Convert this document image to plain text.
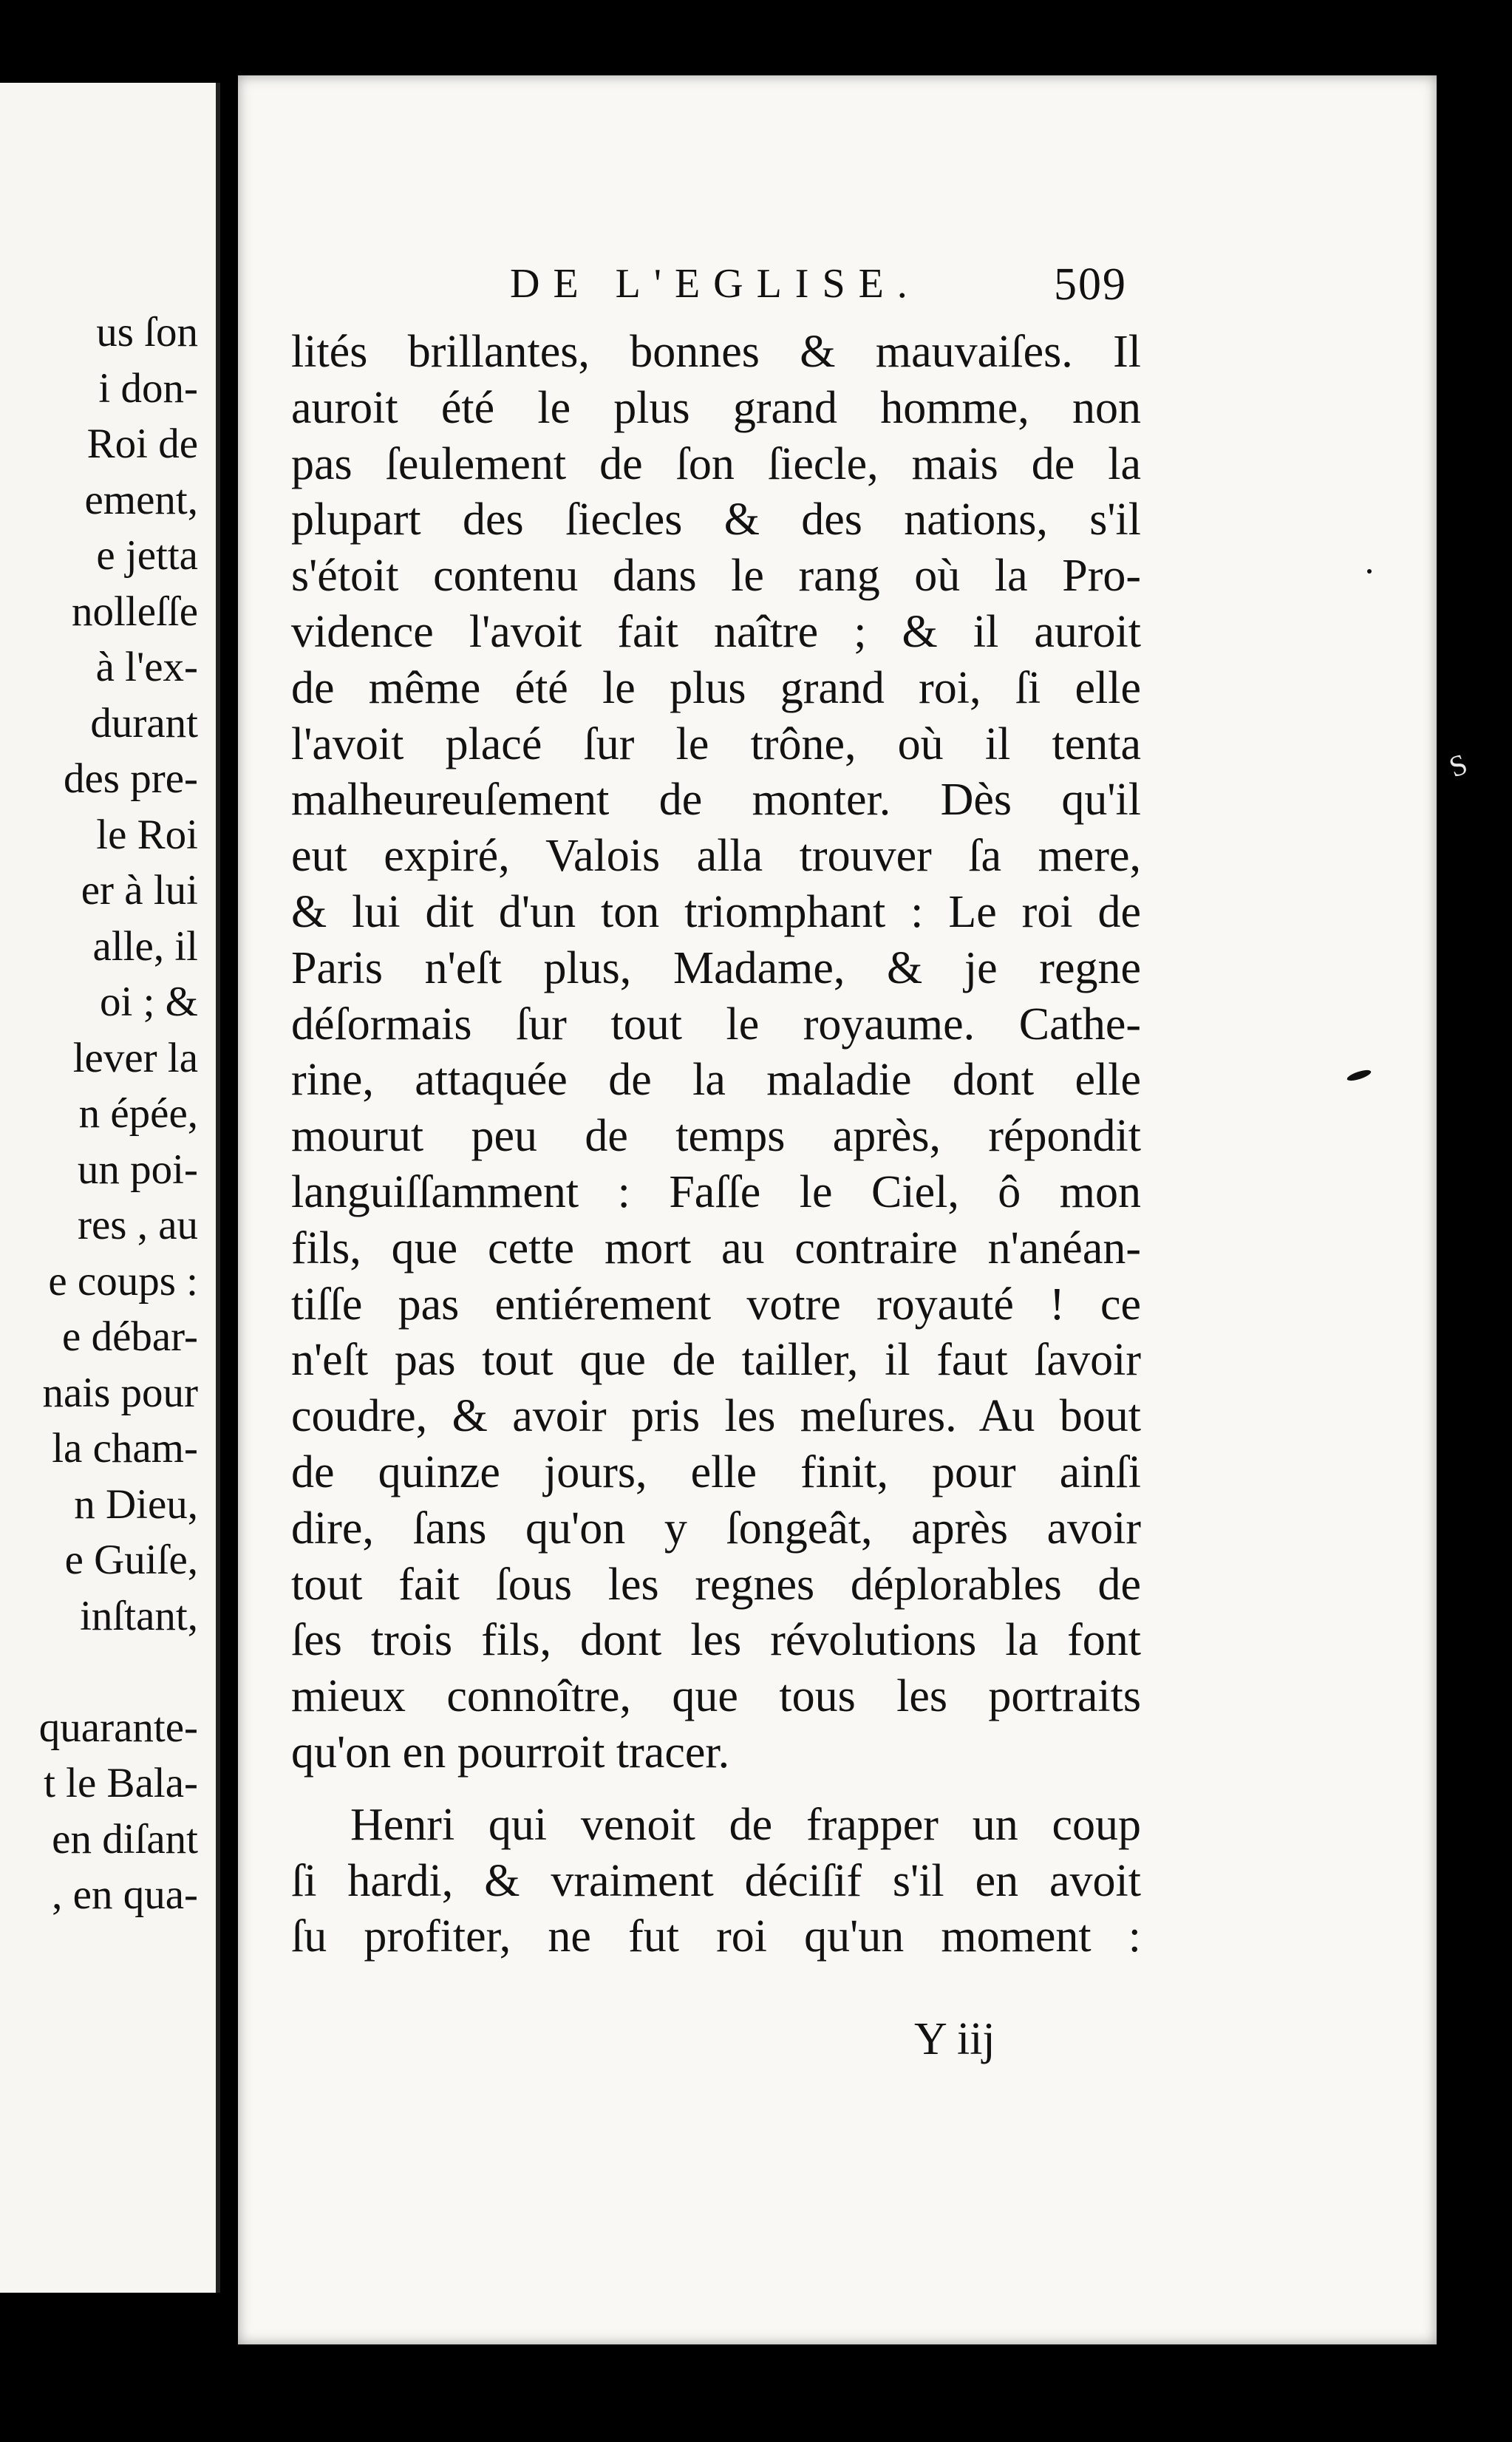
us ſon
i don-
Roi de
ement,
e jetta
nolleſſe
à l'ex-
durant
des pre-
le Roi
er à lui
alle, il
oi ; &
lever la
n épée,
un poi-
res , au
e coups :
e débar-
nais pour
la cham-
n Dieu,
e Guiſe,
inſtant,
quarante-
t le Bala-
en diſant
, en qua-
DE L'EGLISE.	509
lités brillantes, bonnes & mauvaiſes. Il
auroit été le plus grand homme, non
pas ſeulement de ſon ſiecle, mais de la
plupart des ſiecles & des nations, s'il
s'étoit contenu dans le rang où la Pro-
vidence l'avoit fait naître ; & il auroit
de même été le plus grand roi, ſi elle
l'avoit placé ſur le trône, où il tenta
malheureuſement de monter. Dès qu'il
eut expiré, Valois alla trouver ſa mere,
& lui dit d'un ton triomphant : Le roi de
Paris n'eſt plus, Madame, & je regne
déſormais ſur tout le royaume. Cathe-
rine, attaquée de la maladie dont elle
mourut peu de temps après, répondit
languiſſamment : Faſſe le Ciel, ô mon
fils, que cette mort au contraire n'anéan-
tiſſe pas entiérement votre royauté ! ce
n'eſt pas tout que de tailler, il faut ſavoir
coudre, & avoir pris les meſures. Au bout
de quinze jours, elle finit, pour ainſi
dire, ſans qu'on y ſongeât, après avoir
tout fait ſous les regnes déplorables de
ſes trois fils, dont les révolutions la font
mieux connoître, que tous les portraits
qu'on en pourroit tracer.
Henri qui venoit de frapper un coup
ſi hardi, & vraiment déciſif s'il en avoit
ſu profiter, ne fut roi qu'un moment :
Y iij
S
